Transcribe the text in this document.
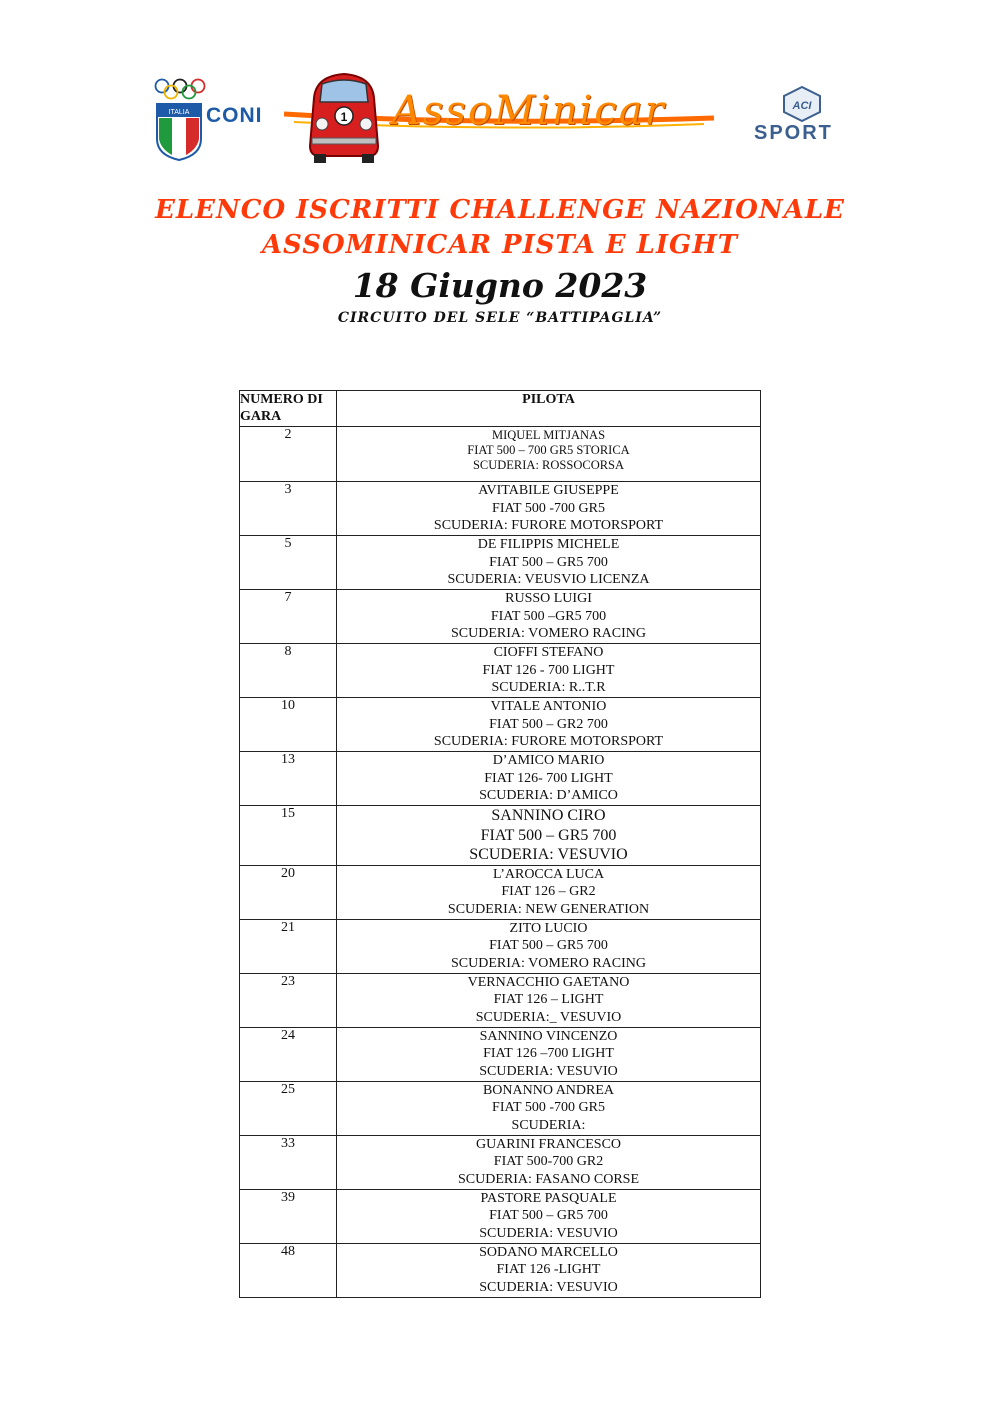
ITALIA CONI	1 AssoMinicar	ACI
SPORT
ELENCO ISCRITTI CHALLENGE NAZIONALE
ASSOMINICAR PISTA E LIGHT
18 Giugno 2023
CIRCUITO DEL SELE “BATTIPAGLIA”
NUMERO DI GARA	PILOTA
2	MIQUEL MITJANAS
FIAT 500 – 700 GR5 STORICA
SCUDERIA: ROSSOCORSA

3	AVITABILE GIUSEPPE
FIAT 500 -700 GR5
SCUDERIA: FURORE MOTORSPORT

5	DE FILIPPIS MICHELE
FIAT 500 – GR5 700
SCUDERIA: VEUSVIO LICENZA

7	RUSSO LUIGI
FIAT 500 –GR5 700
SCUDERIA: VOMERO RACING

8	CIOFFI STEFANO
FIAT 126 - 700 LIGHT
SCUDERIA: R..T.R

10	VITALE ANTONIO
FIAT 500 – GR2 700
SCUDERIA: FURORE MOTORSPORT

13	D’AMICO MARIO
FIAT 126- 700 LIGHT
SCUDERIA: D’AMICO

15	SANNINO CIRO
FIAT 500 – GR5 700
SCUDERIA: VESUVIO

20	L’AROCCA LUCA
FIAT 126 – GR2
SCUDERIA: NEW GENERATION

21	ZITO LUCIO
FIAT 500 – GR5 700
SCUDERIA: VOMERO RACING

23	VERNACCHIO GAETANO
FIAT 126 – LIGHT
SCUDERIA:_ VESUVIO

24	SANNINO VINCENZO
FIAT 126 –700 LIGHT
SCUDERIA: VESUVIO

25	BONANNO ANDREA
FIAT 500 -700 GR5
SCUDERIA:

33	GUARINI FRANCESCO
FIAT 500-700 GR2
SCUDERIA: FASANO CORSE

39	PASTORE PASQUALE
FIAT 500 – GR5 700
SCUDERIA: VESUVIO

48	SODANO MARCELLO
FIAT 126 -LIGHT
SCUDERIA: VESUVIO
